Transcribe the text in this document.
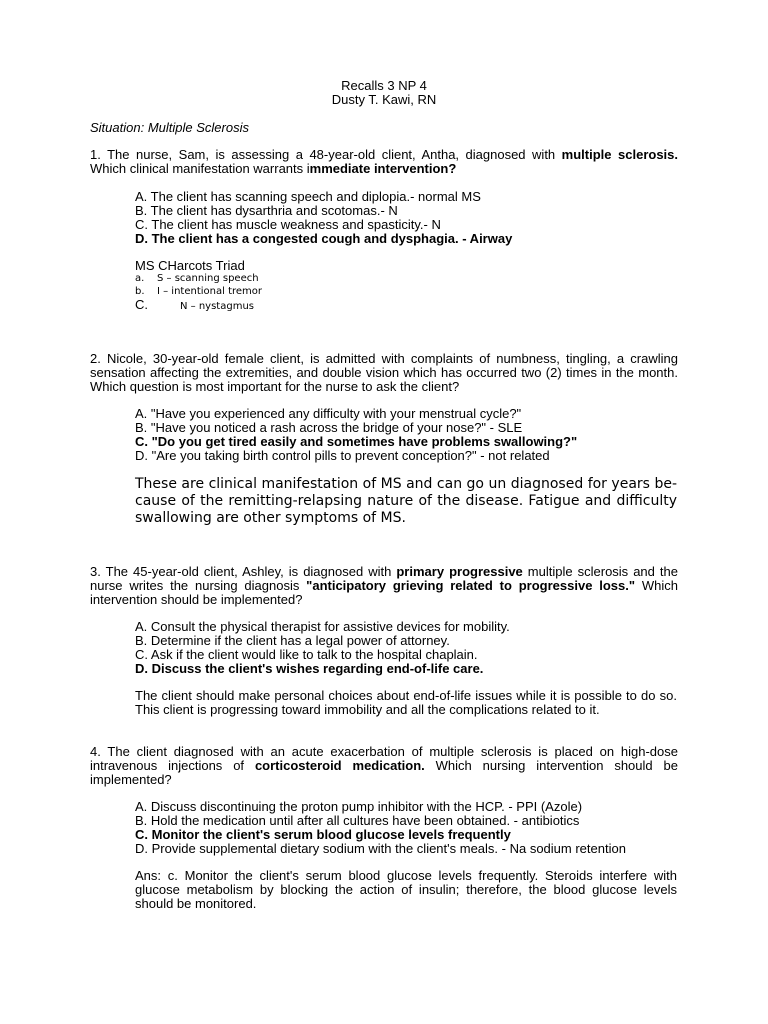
Recalls 3 NP 4
Dusty T. Kawi, RN
Situation: Multiple Sclerosis
1. The nurse, Sam, is assessing a 48-year-old client, Antha, diagnosed with multiple sclerosis. Which clinical manifestation warrants immediate intervention?
A. The client has scanning speech and diplopia.- normal MS
B. The client has dysarthria and scotomas.- N
C. The client has muscle weakness and spasticity.- N
D. The client has a congested cough and dysphagia. - Airway
MS CHarcots Triad
a. S – scanning speech
b. I – intentional tremor
C.	N – nystagmus
2. Nicole, 30-year-old female client, is admitted with complaints of numbness, tingling, a crawling sensation affecting the extremities, and double vision which has occurred two (2) times in the month. Which question is most important for the nurse to ask the client?
A. "Have you experienced any difficulty with your menstrual cycle?"
B. "Have you noticed a rash across the bridge of your nose?" - SLE
C. "Do you get tired easily and sometimes have problems swallowing?"
D. "Are you taking birth control pills to prevent conception?" - not related
These are clinical manifestation of MS and can go un diagnosed for years be-cause of the remitting-relapsing nature of the disease. Fatigue and difficulty swallowing are other symptoms of MS.
3. The 45-year-old client, Ashley, is diagnosed with primary progressive multiple sclerosis and the nurse writes the nursing diagnosis "anticipatory grieving related to progressive loss." Which intervention should be implemented?
A. Consult the physical therapist for assistive devices for mobility.
B. Determine if the client has a legal power of attorney.
C. Ask if the client would like to talk to the hospital chaplain.
D. Discuss the client's wishes regarding end-of-life care.
The client should make personal choices about end-of-life issues while it is possible to do so. This client is progressing toward immobility and all the complications related to it.
4. The client diagnosed with an acute exacerbation of multiple sclerosis is placed on high-dose intravenous injections of corticosteroid medication. Which nursing intervention should be implemented?
A. Discuss discontinuing the proton pump inhibitor with the HCP. - PPI (Azole)
B. Hold the medication until after all cultures have been obtained. - antibiotics
C. Monitor the client's serum blood glucose levels frequently
D. Provide supplemental dietary sodium with the client's meals. - Na sodium retention
Ans: c. Monitor the client's serum blood glucose levels frequently. Steroids interfere with glucose metabolism by blocking the action of insulin; therefore, the blood glucose levels should be monitored.
